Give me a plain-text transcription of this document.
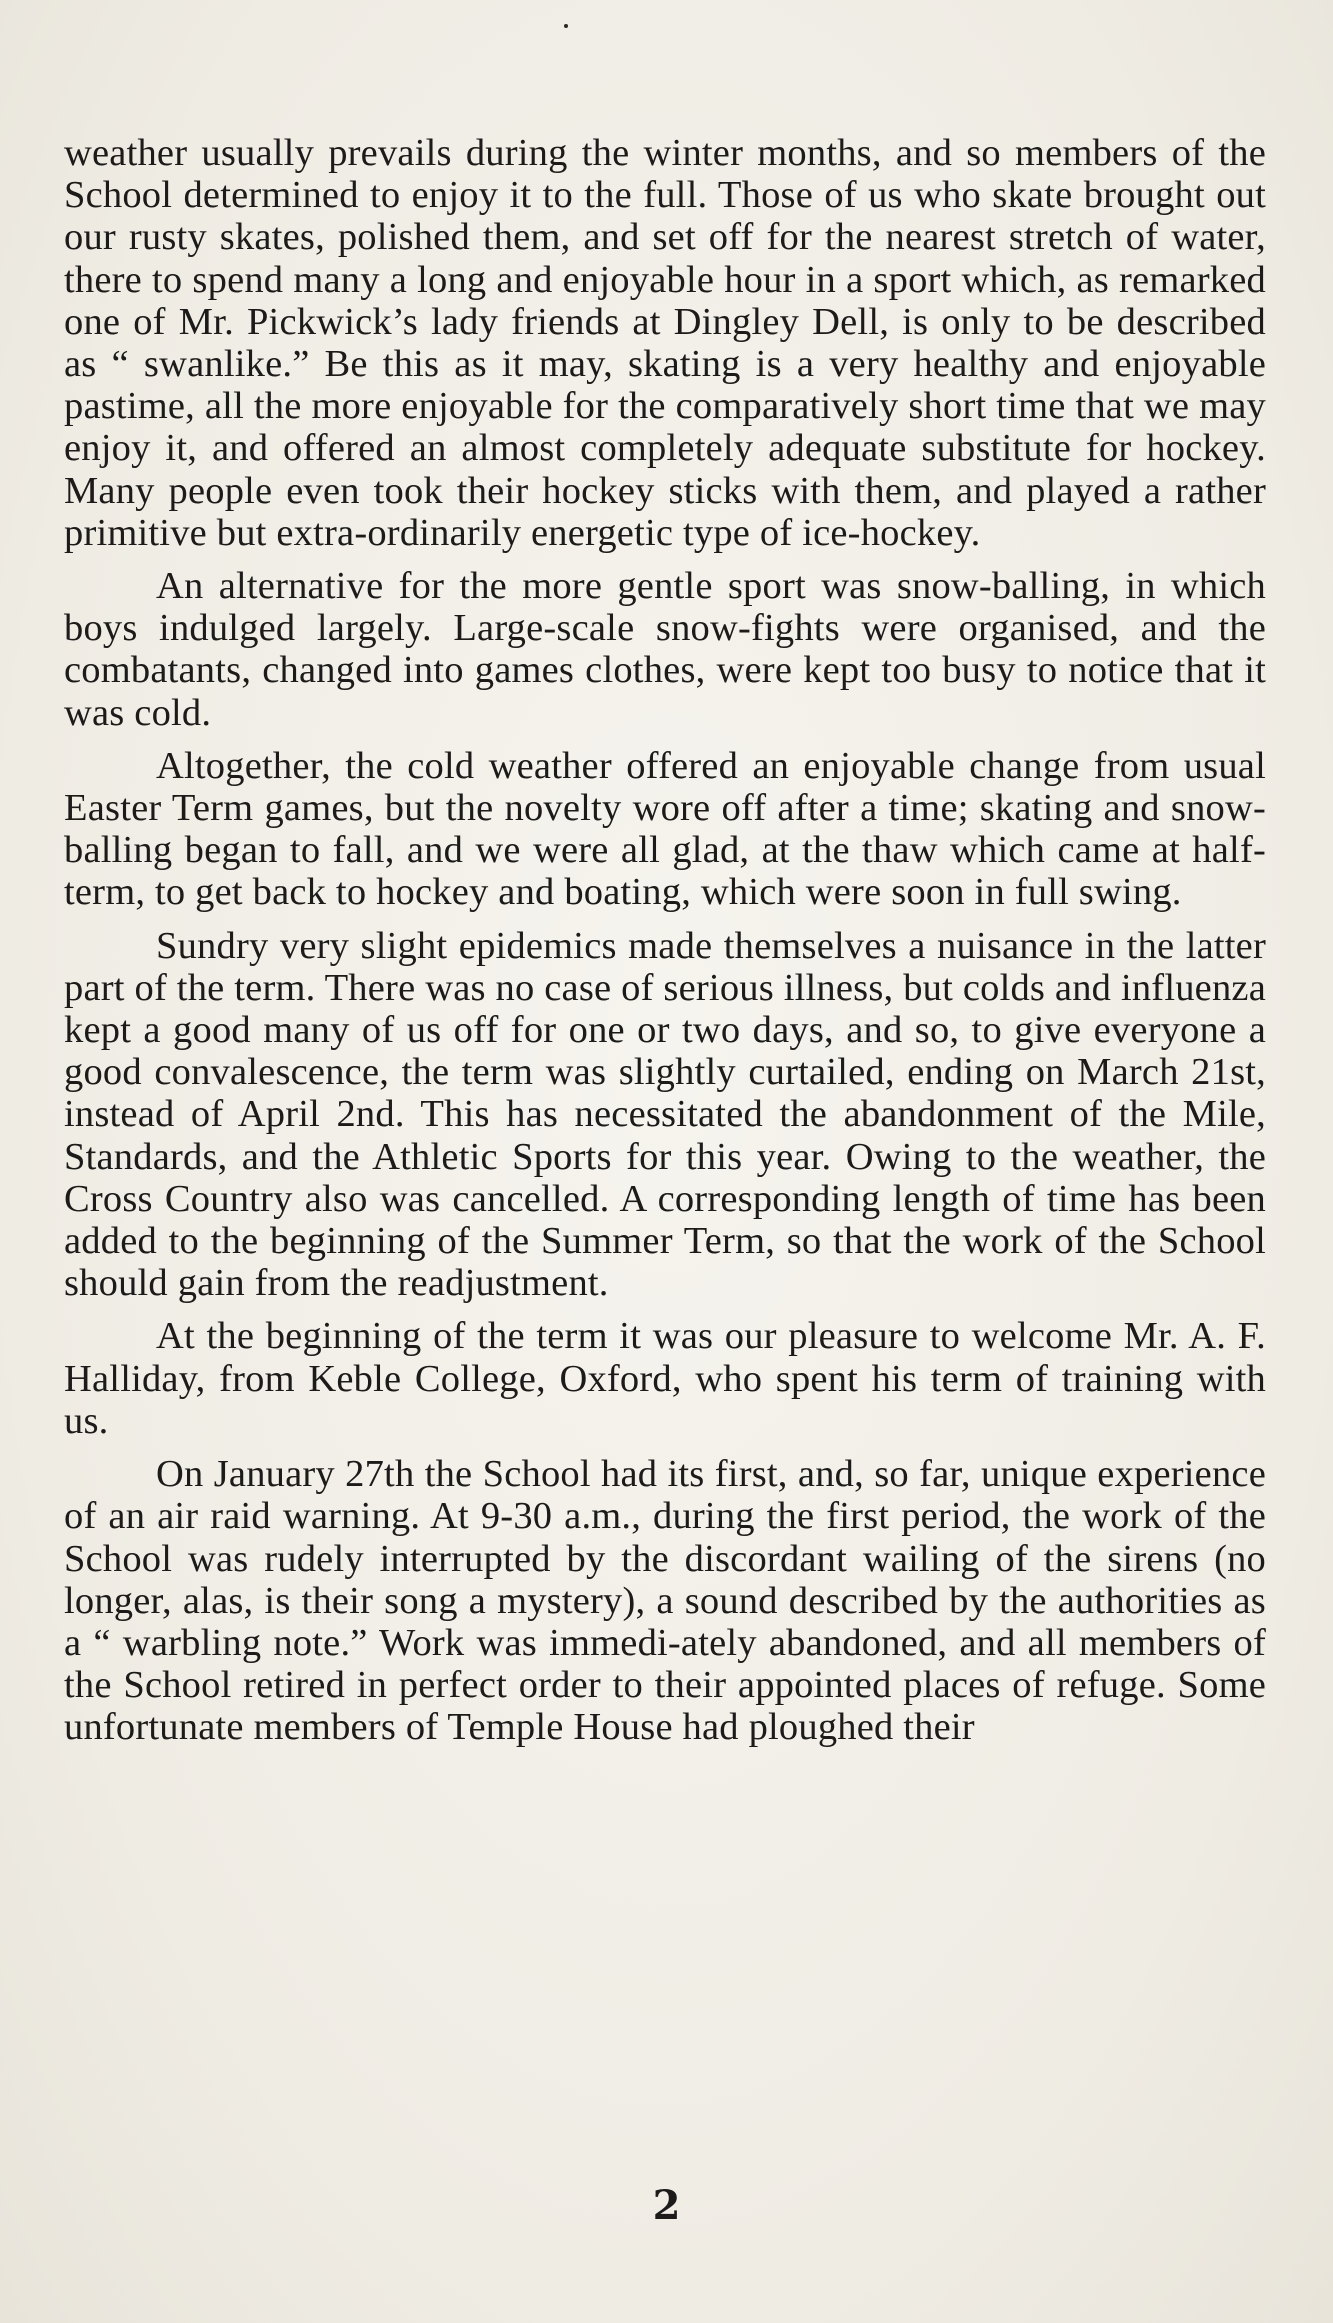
weather usually prevails during the winter months, and so members of the School determined to enjoy it to the full. Those of us who skate brought out our rusty skates, polished them, and set off for the nearest stretch of water, there to spend many a long and enjoyable hour in a sport which, as remarked one of Mr. Pickwick’s lady friends at Dingley Dell, is only to be described as “ swanlike.” Be this as it may, skating is a very healthy and enjoyable pastime, all the more enjoyable for the comparatively short time that we may enjoy it, and offered an almost completely adequate substitute for hockey. Many people even took their hockey sticks with them, and played a rather primitive but extra-ordinarily energetic type of ice-hockey.

An alternative for the more gentle sport was snow-balling, in which boys indulged largely. Large-scale snow-fights were organised, and the combatants, changed into games clothes, were kept too busy to notice that it was cold.

Altogether, the cold weather offered an enjoyable change from usual Easter Term games, but the novelty wore off after a time; skating and snow-balling began to fall, and we were all glad, at the thaw which came at half-term, to get back to hockey and boating, which were soon in full swing.

Sundry very slight epidemics made themselves a nuisance in the latter part of the term. There was no case of serious illness, but colds and influenza kept a good many of us off for one or two days, and so, to give everyone a good convalescence, the term was slightly curtailed, ending on March 21st, instead of April 2nd. This has necessitated the abandonment of the Mile, Standards, and the Athletic Sports for this year. Owing to the weather, the Cross Country also was cancelled. A corresponding length of time has been added to the beginning of the Summer Term, so that the work of the School should gain from the readjustment.

At the beginning of the term it was our pleasure to welcome Mr. A. F. Halliday, from Keble College, Oxford, who spent his term of training with us.

On January 27th the School had its first, and, so far, unique experience of an air raid warning. At 9-30 a.m., during the first period, the work of the School was rudely interrupted by the discordant wailing of the sirens (no longer, alas, is their song a mystery), a sound described by the authorities as a “ warbling note.” Work was immedi-ately abandoned, and all members of the School retired in perfect order to their appointed places of refuge. Some unfortunate members of Temple House had ploughed their

2
